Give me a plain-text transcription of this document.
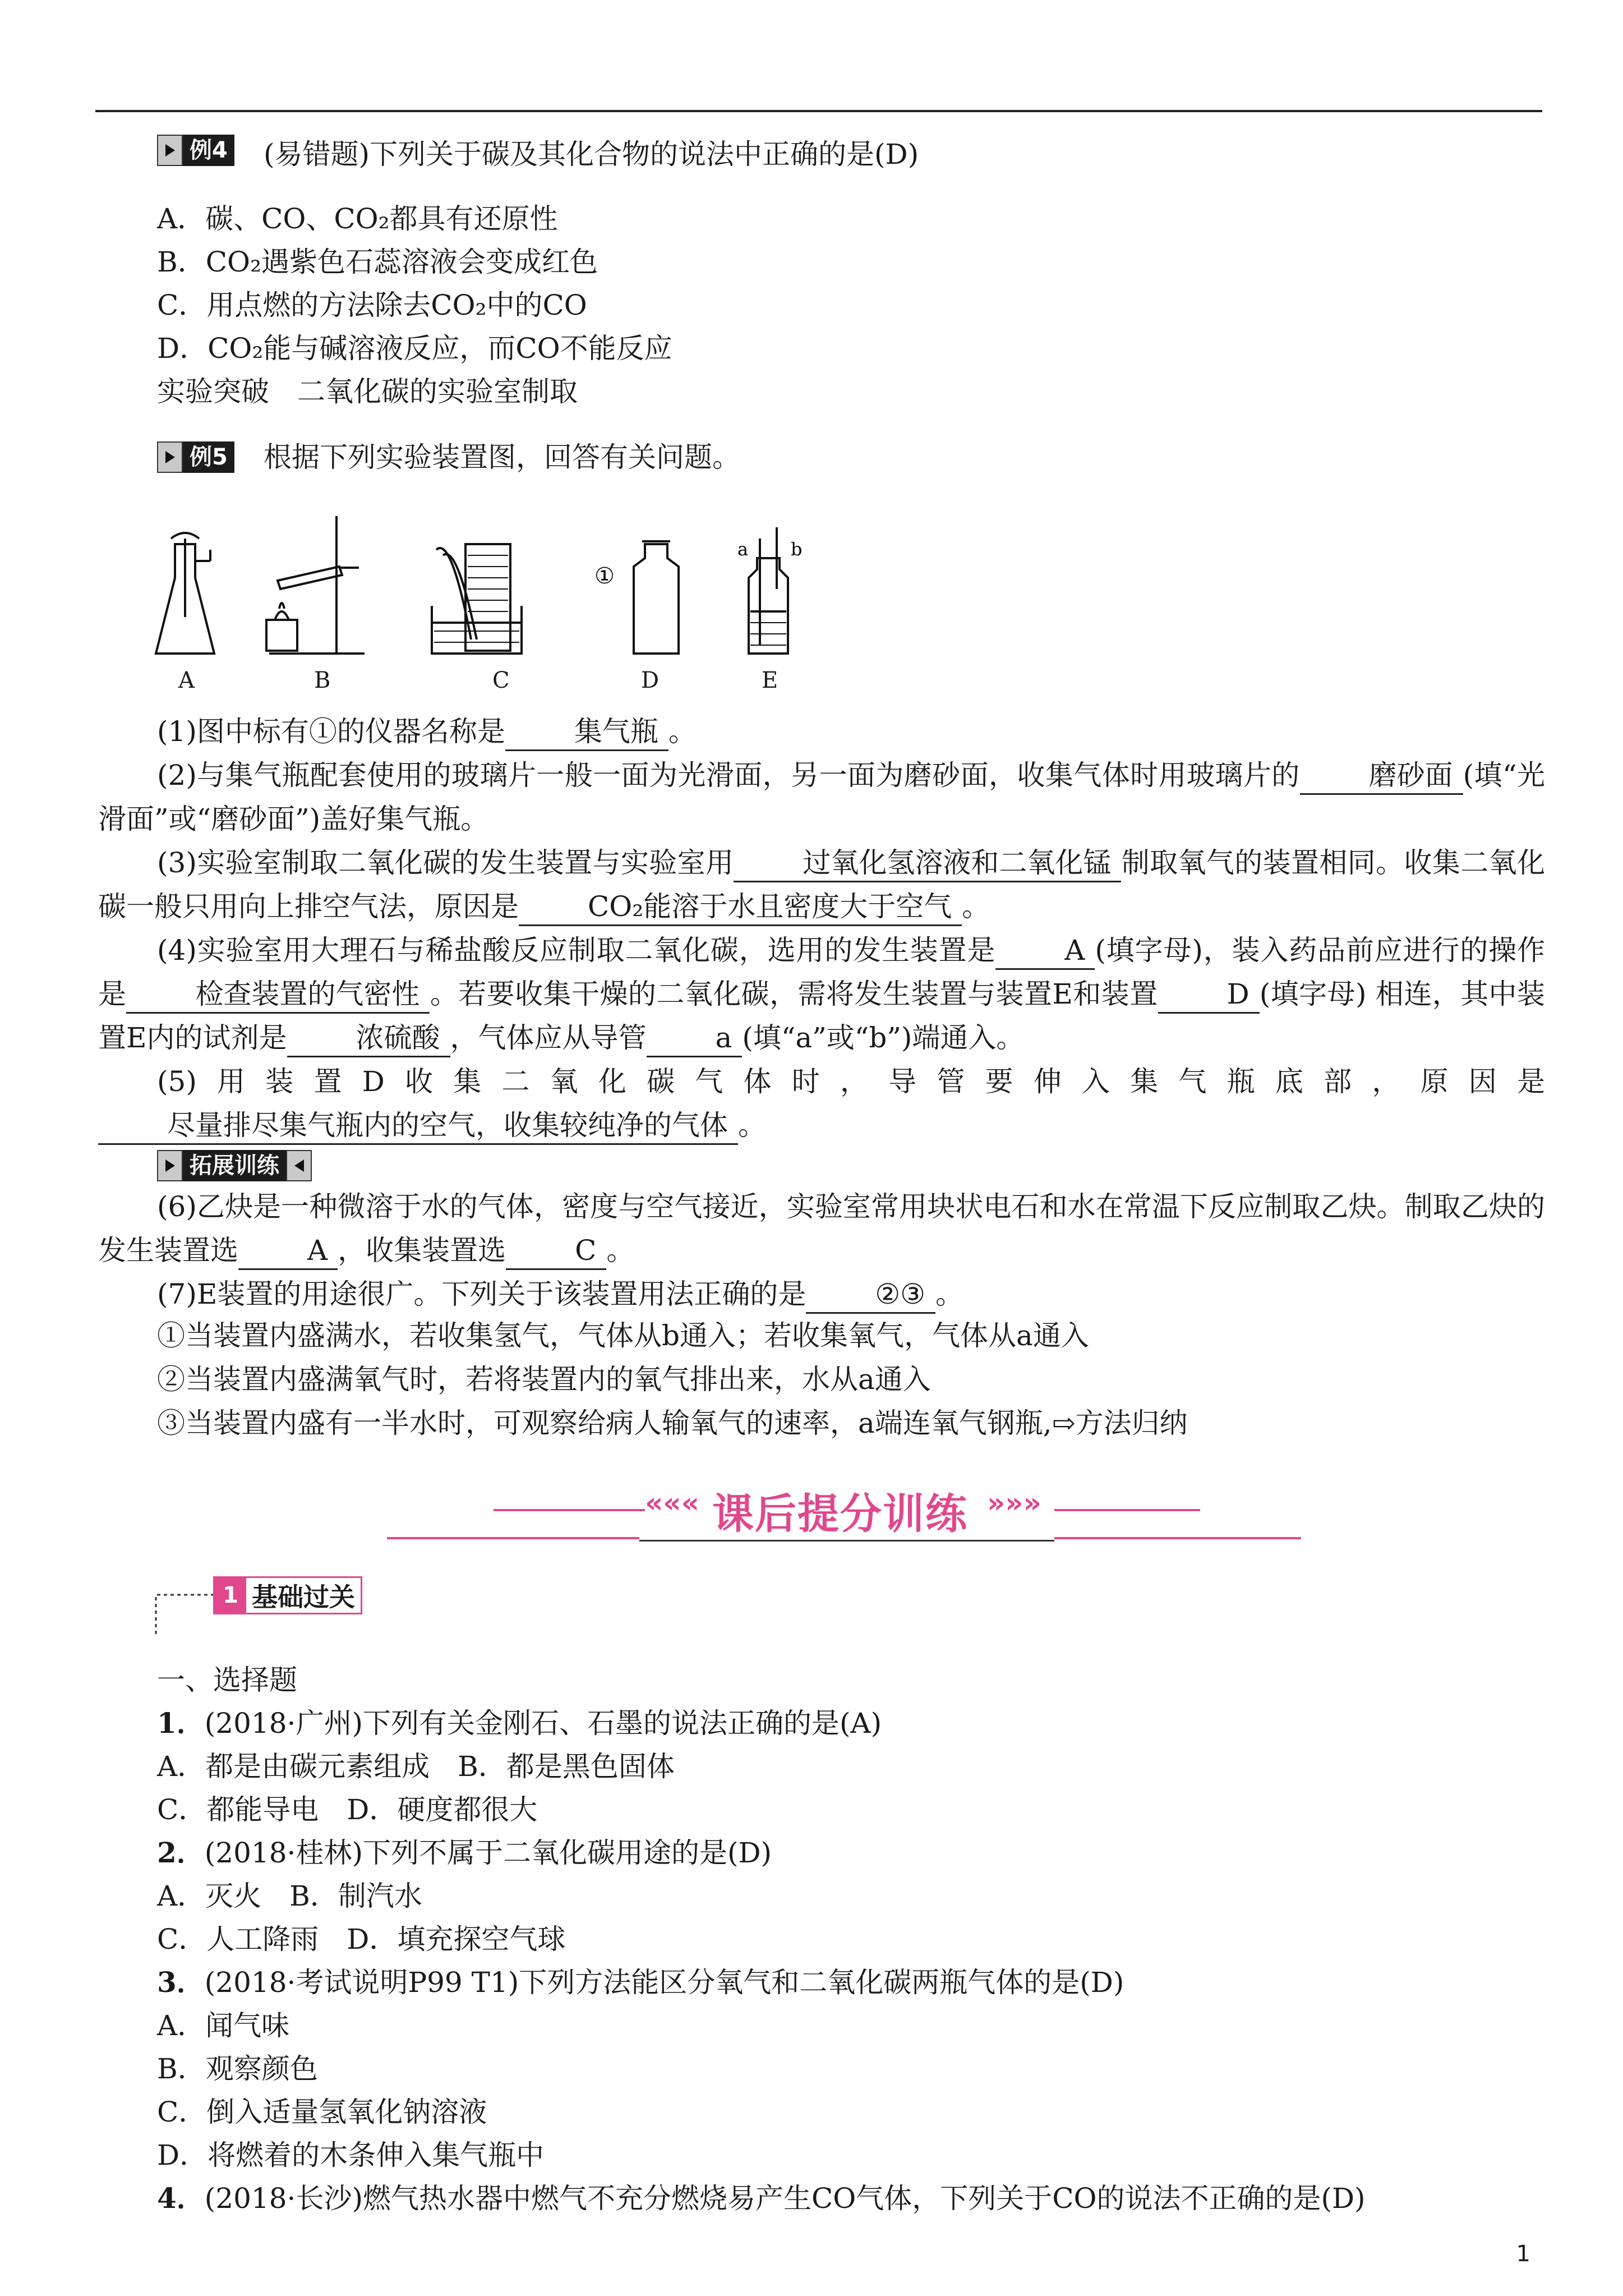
例4 (易错题)下列关于碳及其化合物的说法中正确的是(D)
A．碳、CO、CO₂都具有还原性
B．CO₂遇紫色石蕊溶液会变成红色
C．用点燃的方法除去CO₂中的CO
D．CO₂能与碱溶液反应，而CO不能反应
实验突破　二氧化碳的实验室制取
例5 根据下列实验装置图，回答有关问题。
①
a b
A	B	C	D	E
(1)图中标有①的仪器名称是 集气瓶 。
(2)与集气瓶配套使用的玻璃片一般一面为光滑面，另一面为磨砂面，收集气体时用玻璃片的 磨砂面 (填“光滑面”或“磨砂面”)盖好集气瓶。
(3)实验室制取二氧化碳的发生装置与实验室用 过氧化氢溶液和二氧化锰 制取氧气的装置相同。收集二氧化碳一般只用向上排空气法，原因是 CO₂能溶于水且密度大于空气 。
(4)实验室用大理石与稀盐酸反应制取二氧化碳，选用的发生装置是 A (填字母)，装入药品前应进行的操作是 检查装置的气密性 。若要收集干燥的二氧化碳，需将发生装置与装置E和装置 D (填字母) 相连，其中装置E内的试剂是 浓硫酸 ，气体应从导管 a (填“a”或“b”)端通入。
(5)用装置D收集二氧化碳气体时，导管要伸入集气瓶底部，原因是尽量排尽集气瓶内的空气，收集较纯净的气体 。
拓展训练
(6)乙炔是一种微溶于水的气体，密度与空气接近，实验室常用块状电石和水在常温下反应制取乙炔。制取乙炔的发生装置选 A ，收集装置选 C 。
(7)E装置的用途很广。下列关于该装置用法正确的是 ②③ 。
①当装置内盛满水，若收集氢气，气体从b通入；若收集氧气，气体从a通入
②当装置内盛满氧气时，若将装置内的氧气排出来，水从a通入
③当装置内盛有一半水时，可观察给病人输氧气的速率，a端连氧气钢瓶,⇨方法归纳
««« 课后提分训练 »»»
1 基础过关
一、选择题
1．(2018·广州)下列有关金刚石、石墨的说法正确的是(A)
A．都是由碳元素组成　B．都是黑色固体
C．都能导电　D．硬度都很大
2．(2018·桂林)下列不属于二氧化碳用途的是(D)
A．灭火　B．制汽水
C．人工降雨　D．填充探空气球
3．(2018·考试说明P99 T1)下列方法能区分氧气和二氧化碳两瓶气体的是(D)
A．闻气味
B．观察颜色
C．倒入适量氢氧化钠溶液
D．将燃着的木条伸入集气瓶中
4．(2018·长沙)燃气热水器中燃气不充分燃烧易产生CO气体，下列关于CO的说法不正确的是(D)
1
